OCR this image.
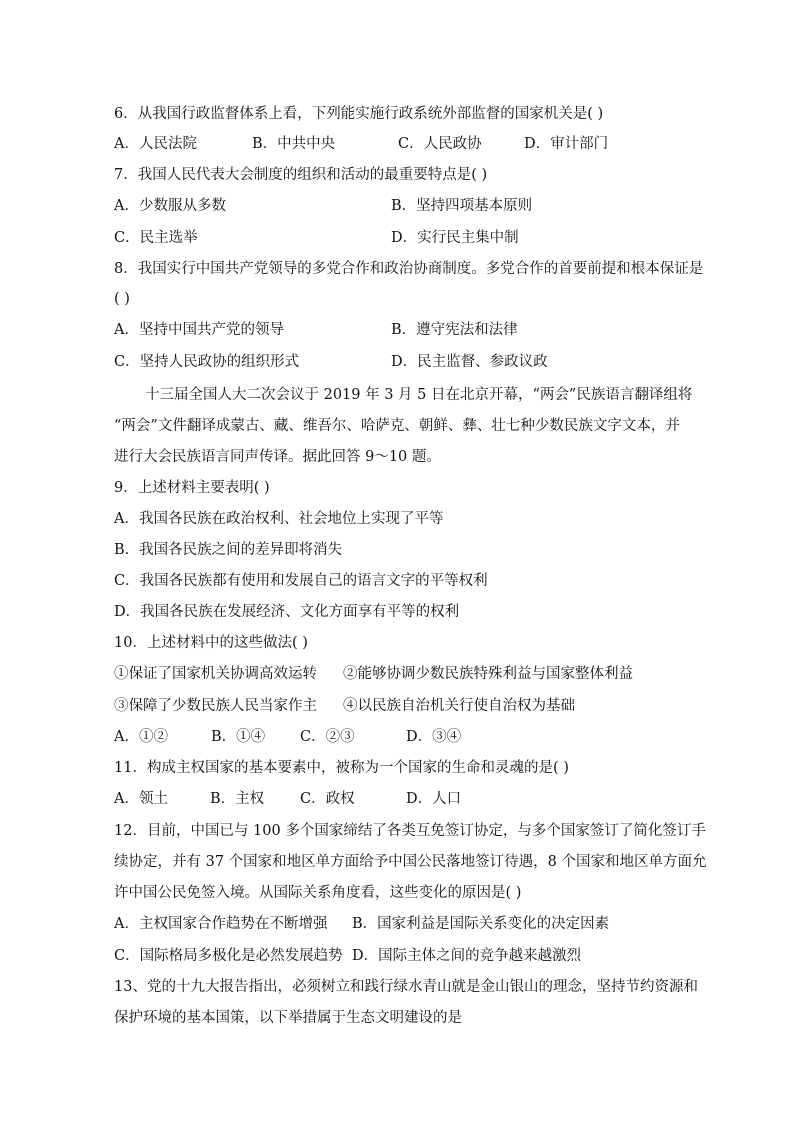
6．从我国行政监督体系上看，下列能实施行政系统外部监督的国家机关是( )
A．人民法院	B．中共中央	C．人民政协	D．审计部门
7．我国人民代表大会制度的组织和活动的最重要特点是( )
A．少数服从多数	B．坚持四项基本原则
C．民主选举	D．实行民主集中制
8．我国实行中国共产党领导的多党合作和政治协商制度。多党合作的首要前提和根本保证是
( )
A．坚持中国共产党的领导	B．遵守宪法和法律
C．坚持人民政协的组织形式	D．民主监督、参政议政
十三届全国人大二次会议于 2019 年 3 月 5 日在北京开幕，“两会”民族语言翻译组将
“两会”文件翻译成蒙古、藏、维吾尔、哈萨克、朝鲜、彝、壮七种少数民族文字文本，并
进行大会民族语言同声传译。据此回答 9～10 题。
9．上述材料主要表明( )
A．我国各民族在政治权利、社会地位上实现了平等
B．我国各民族之间的差异即将消失
C．我国各民族都有使用和发展自己的语言文字的平等权利
D．我国各民族在发展经济、文化方面享有平等的权利
10．上述材料中的这些做法( )
①保证了国家机关协调高效运转 ②能够协调少数民族特殊利益与国家整体利益
③保障了少数民族人民当家作主 ④以民族自治机关行使自治权为基础
A．①②	B．①④ C．②③	D．③④
11．构成主权国家的基本要素中，被称为一个国家的生命和灵魂的是( )
A．领土	B．主权 C．政权	D．人口
12．目前，中国已与 100 多个国家缔结了各类互免签订协定，与多个国家签订了简化签订手
续协定，并有 37 个国家和地区单方面给予中国公民落地签订待遇，8 个国家和地区单方面允
许中国公民免签入境。从国际关系角度看，这些变化的原因是( )
A．主权国家合作趋势在不断增强 B．国家利益是国际关系变化的决定因素
C．国际格局多极化是必然发展趋势 D．国际主体之间的竞争越来越激烈
13、党的十九大报告指出，必须树立和践行绿水青山就是金山银山的理念，坚持节约资源和
保护环境的基本国策，以下举措属于生态文明建设的是
